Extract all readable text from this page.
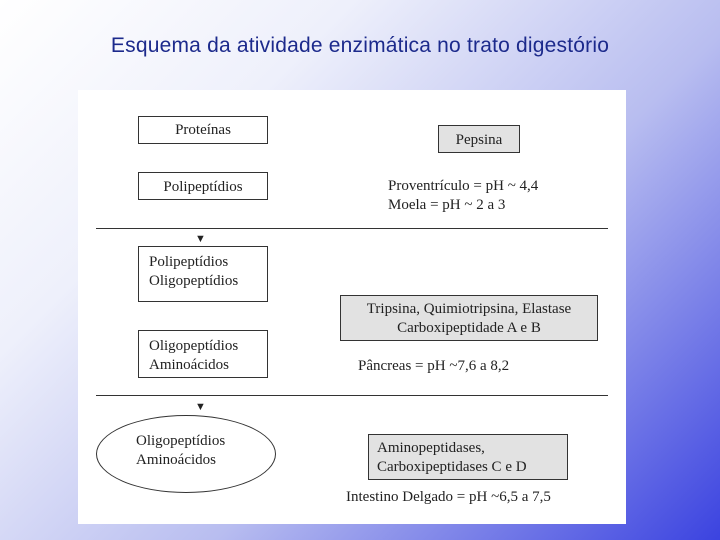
Esquema da atividade enzimática no trato digestório
Proteínas
Polipeptídios
Pepsina
Proventrículo = pH ~ 4,4
Moela = pH ~ 2 a 3
▼
Polipeptídios
Oligopeptídios
Oligopeptídios
Aminoácidos
Tripsina, Quimiotripsina, Elastase
Carboxipeptidade A e B
Pâncreas = pH ~7,6 a 8,2
▼
Oligopeptídios
Aminoácidos
Aminopeptidases,
Carboxipeptidases C e D
Intestino Delgado = pH ~6,5 a 7,5
